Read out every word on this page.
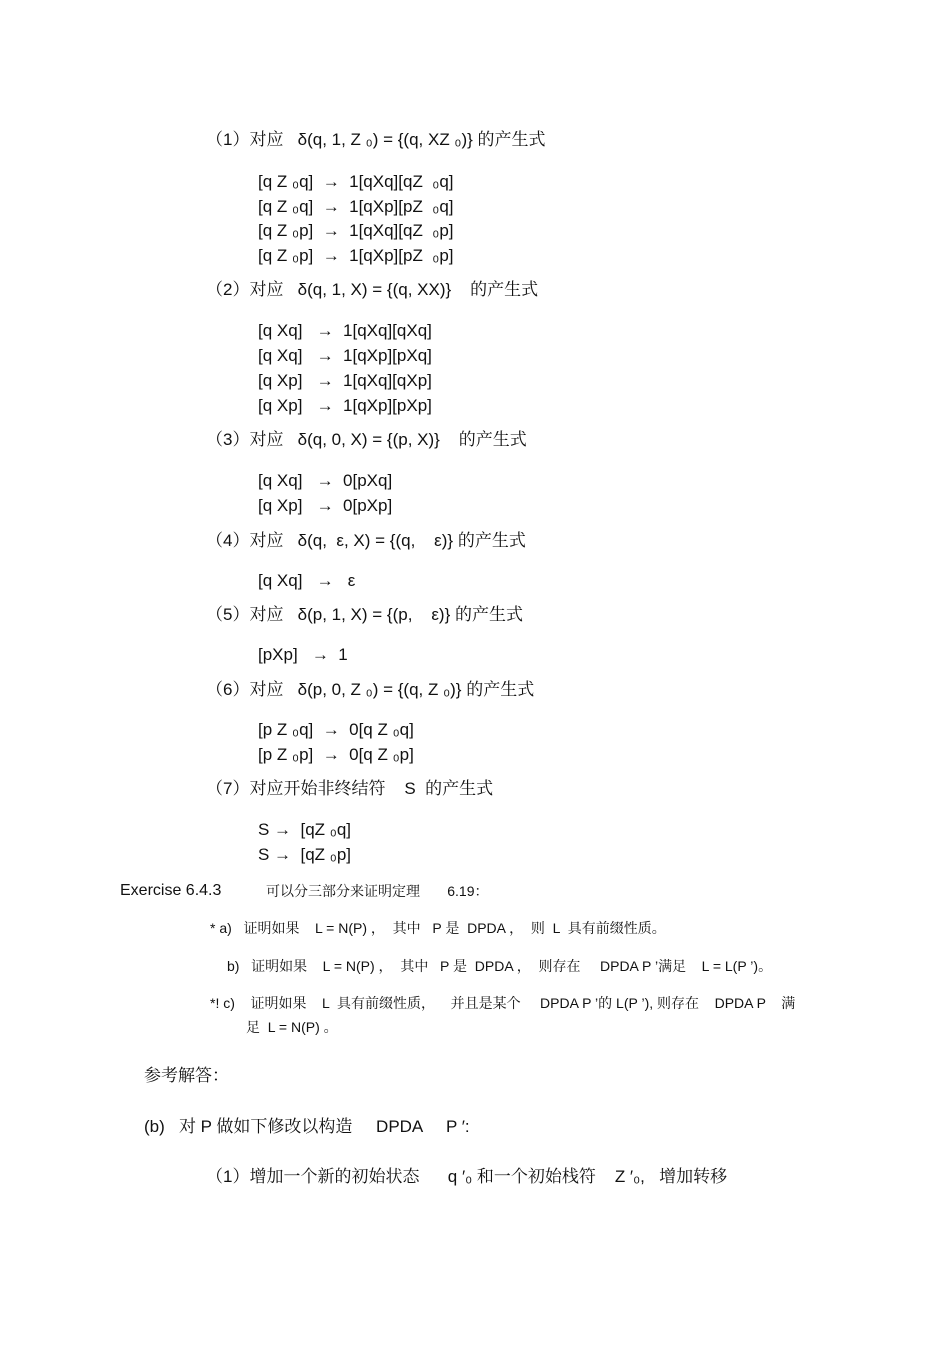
（1）对应   δ(q, 1, Z ₀) = {(q, XZ ₀)} 的产生式
[q Z ₀q]  →  1[qXq][qZ  ₀q]
[q Z ₀q]  →  1[qXp][pZ  ₀q]
[q Z ₀p]  →  1[qXq][qZ  ₀p]
[q Z ₀p]  →  1[qXp][pZ  ₀p]
（2）对应   δ(q, 1, X) = {(q, XX)}    的产生式
[q Xq]   →  1[qXq][qXq]
[q Xq]   →  1[qXp][pXq]
[q Xp]   →  1[qXq][qXp]
[q Xp]   →  1[qXp][pXp]
（3）对应   δ(q, 0, X) = {(p, X)}    的产生式
[q Xq]   →  0[pXq]
[q Xp]   →  0[pXp]
（4）对应   δ(q,  ε, X) = {(q,    ε)} 的产生式
[q Xq]   →   ε
（5）对应   δ(p, 1, X) = {(p,    ε)} 的产生式
[pXp]   →  1
（6）对应   δ(p, 0, Z ₀) = {(q, Z ₀)} 的产生式
[p Z ₀q]  →  0[q Z ₀q]
[p Z ₀p]  →  0[q Z ₀p]
（7）对应开始非终结符    S  的产生式
S →  [qZ ₀q]
S →  [qZ ₀p]
Exercise 6.4.3	可以分三部分来证明定理       6.19：
* a)   证明如果    L = N(P) ，  其中   P 是  DPDA ，  则  L  具有前缀性质。
b)   证明如果    L = N(P) ，  其中   P 是  DPDA ，  则存在     DPDA P ’满足    L = L(P ’)。
*! c)    证明如果    L  具有前缀性质，    并且是某个     DPDA P ’的 L(P ’), 则存在    DPDA P    满
足  L = N(P) 。
参考解答：
(b)   对 P 做如下修改以构造     DPDA     P ′:
（1）增加一个新的初始状态      q ′₀ 和一个初始栈符    Z ′₀,   增加转移
